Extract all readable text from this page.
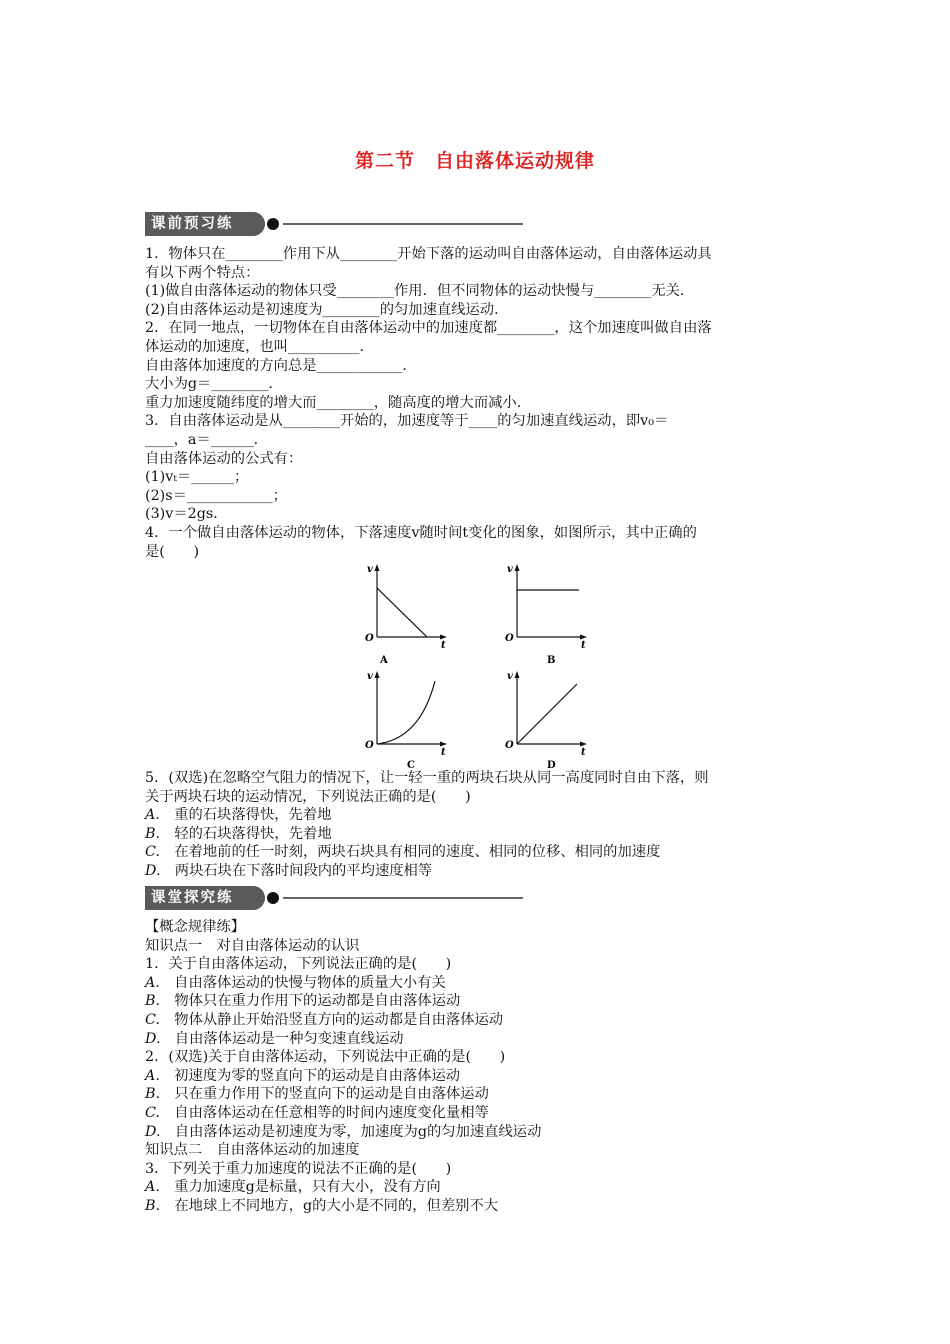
第二节　自由落体运动规律
课前预习练

1．物体只在________作用下从________开始下落的运动叫自由落体运动，自由落体运动具

有以下两个特点：

(1)做自由落体运动的物体只受________作用．但不同物体的运动快慢与________无关．

(2)自由落体运动是初速度为________的匀加速直线运动．

2．在同一地点，一切物体在自由落体运动中的加速度都________，这个加速度叫做自由落

体运动的加速度，也叫__________．

自由落体加速度的方向总是____________．

大小为g＝________．

重力加速度随纬度的增大而________，随高度的增大而减小．

3．自由落体运动是从________开始的，加速度等于____的匀加速直线运动，即v₀＝

____，a＝______．

自由落体运动的公式有：

(1)vₜ＝______；

(2)s＝____________；

(3)v＝2gs.

4．一个做自由落体运动的物体，下落速度v随时间t变化的图象，如图所示，其中正确的

是(　　)

v
t
O
A
v
t
O
B
v
t
O
C
v
t
O
D

5．(双选)在忽略空气阻力的情况下，让一轻一重的两块石块从同一高度同时自由下落，则

关于两块石块的运动情况，下列说法正确的是(　　)

A.　 重的石块落得快，先着地

B.　 轻的石块落得快，先着地

C.　 在着地前的任一时刻，两块石块具有相同的速度、相同的位移、相同的加速度

D.　 两块石块在下落时间段内的平均速度相等

课堂探究练

【概念规律练】

知识点一　对自由落体运动的认识

1．关于自由落体运动，下列说法正确的是(　　)

A.　 自由落体运动的快慢与物体的质量大小有关

B.　 物体只在重力作用下的运动都是自由落体运动

C.　 物体从静止开始沿竖直方向的运动都是自由落体运动

D.　 自由落体运动是一种匀变速直线运动

2．(双选)关于自由落体运动，下列说法中正确的是(　　)

A.　 初速度为零的竖直向下的运动是自由落体运动

B.　 只在重力作用下的竖直向下的运动是自由落体运动

C.　 自由落体运动在任意相等的时间内速度变化量相等

D.　 自由落体运动是初速度为零，加速度为g的匀加速直线运动

知识点二　自由落体运动的加速度

3．下列关于重力加速度的说法不正确的是(　　)

A.　 重力加速度g是标量，只有大小，没有方向

B.　 在地球上不同地方，g的大小是不同的，但差别不大
